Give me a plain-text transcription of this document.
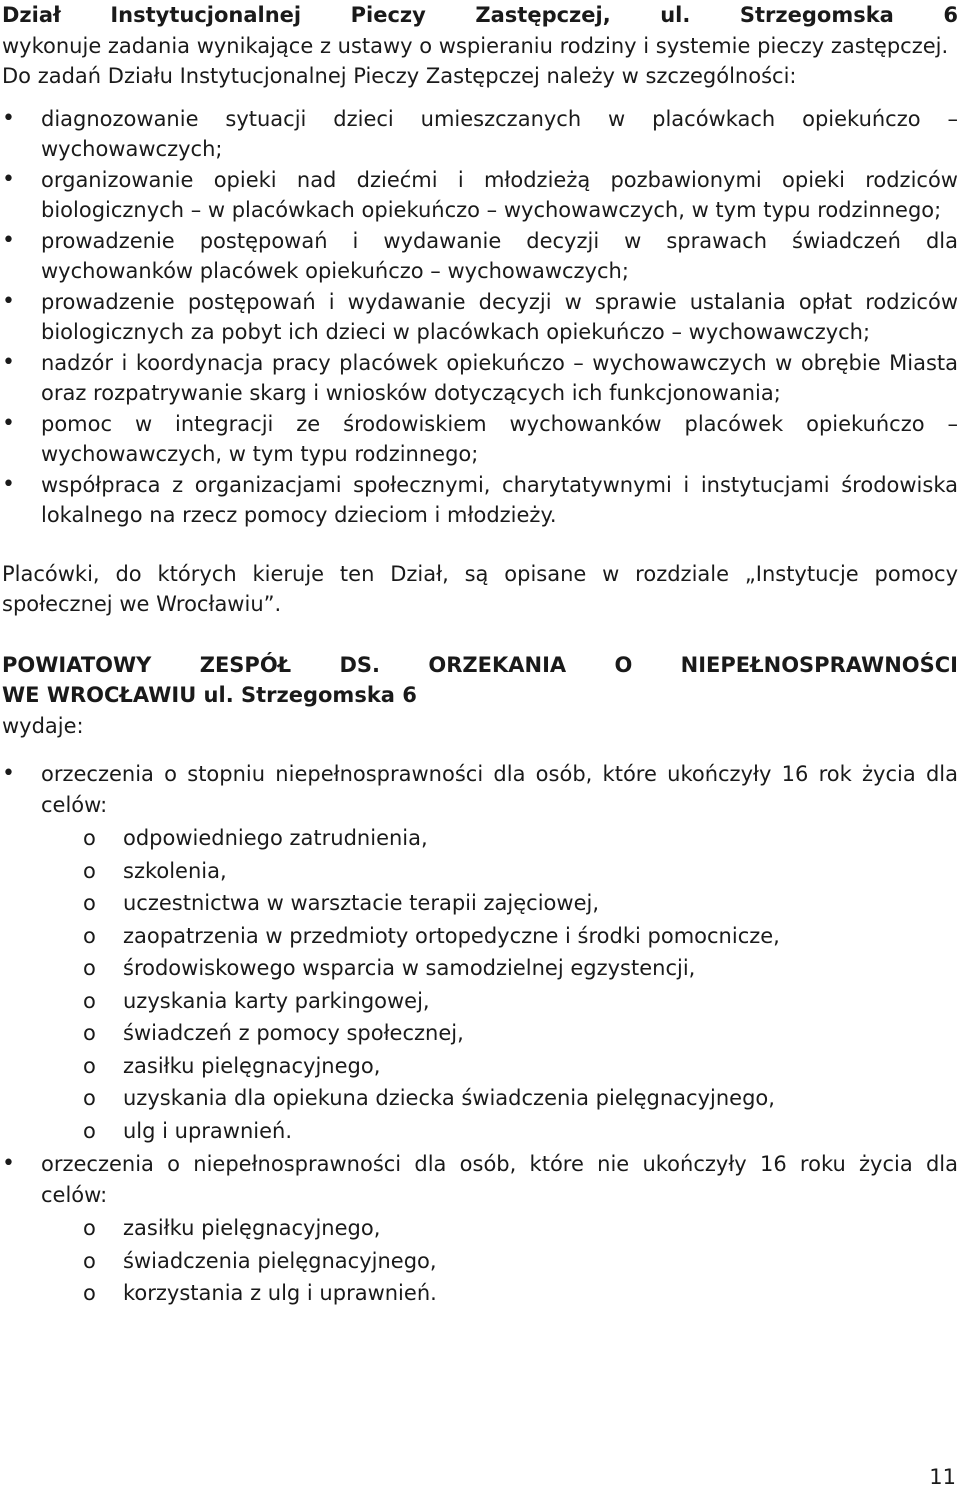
Dział Instytucjonalnej Pieczy Zastępczej, ul. Strzegomska 6

wykonuje zadania wynikające z ustawy o wspieraniu rodziny i systemie pieczy zastępczej.

Do zadań Działu Instytucjonalnej Pieczy Zastępczej należy w szczególności:

• diagnozowanie sytuacji dzieci umieszczanych w placówkach opiekuńczo – wychowawczych;
• organizowanie opieki nad dziećmi i młodzieżą pozbawionymi opieki rodziców biologicznych – w placówkach opiekuńczo – wychowawczych, w tym typu rodzinnego;
• prowadzenie postępowań i wydawanie decyzji w sprawach świadczeń dla wychowanków placówek opiekuńczo – wychowawczych;
• prowadzenie postępowań i wydawanie decyzji w sprawie ustalania opłat rodziców biologicznych za pobyt ich dzieci w placówkach opiekuńczo – wychowawczych;
• nadzór i koordynacja pracy placówek opiekuńczo – wychowawczych w obrębie Miasta oraz rozpatrywanie skarg i wniosków dotyczących ich funkcjonowania;
• pomoc w integracji ze środowiskiem wychowanków placówek opiekuńczo – wychowawczych, w tym typu rodzinnego;
• współpraca z organizacjami społecznymi, charytatywnymi i instytucjami środowiska lokalnego na rzecz pomocy dzieciom i młodzieży.

Placówki, do których kieruje ten Dział, są opisane w rozdziale „Instytucje pomocy społecznej we Wrocławiu”.

POWIATOWY ZESPÓŁ DS. ORZEKANIA O NIEPEŁNOSPRAWNOŚCI

WE WROCŁAWIU ul. Strzegomska 6

wydaje:

• orzeczenia o stopniu niepełnosprawności dla osób, które ukończyły 16 rok życia dla celów:
o odpowiedniego zatrudnienia,
o szkolenia,
o uczestnictwa w warsztacie terapii zajęciowej,
o zaopatrzenia w przedmioty ortopedyczne i środki pomocnicze,
o środowiskowego wsparcia w samodzielnej egzystencji,
o uzyskania karty parkingowej,
o świadczeń z pomocy społecznej,
o zasiłku pielęgnacyjnego,
o uzyskania dla opiekuna dziecka świadczenia pielęgnacyjnego,
o ulg i uprawnień.
• orzeczenia o niepełnosprawności dla osób, które nie ukończyły 16 roku życia dla celów:
o zasiłku pielęgnacyjnego,
o świadczenia pielęgnacyjnego,
o korzystania z ulg i uprawnień.
11
